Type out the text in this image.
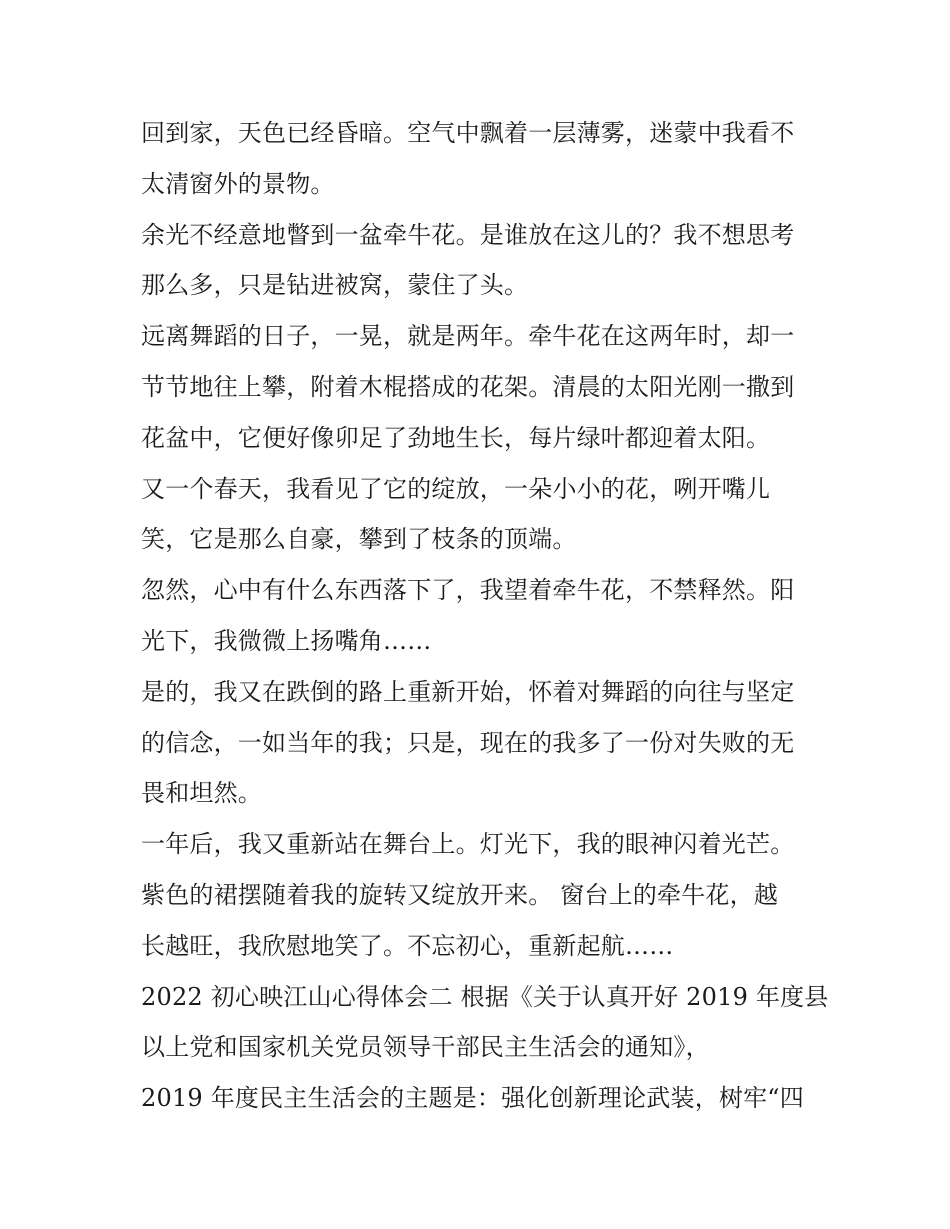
回到家，天色已经昏暗。空气中飘着一层薄雾，迷蒙中我看不
太清窗外的景物。
余光不经意地瞥到一盆牵牛花。是谁放在这儿的？我不想思考
那么多，只是钻进被窝，蒙住了头。
远离舞蹈的日子，一晃，就是两年。牵牛花在这两年时，却一
节节地往上攀，附着木棍搭成的花架。清晨的太阳光刚一撒到
花盆中，它便好像卯足了劲地生长，每片绿叶都迎着太阳。
又一个春天，我看见了它的绽放，一朵小小的花，咧开嘴儿
笑，它是那么自豪，攀到了枝条的顶端。
忽然，心中有什么东西落下了，我望着牵牛花，不禁释然。阳
光下，我微微上扬嘴角……
是的，我又在跌倒的路上重新开始，怀着对舞蹈的向往与坚定
的信念，一如当年的我；只是，现在的我多了一份对失败的无
畏和坦然。
一年后，我又重新站在舞台上。灯光下，我的眼神闪着光芒。
紫色的裙摆随着我的旋转又绽放开来。 窗台上的牵牛花，越
长越旺，我欣慰地笑了。不忘初心，重新起航……
2022 初心映江山心得体会二 根据《关于认真开好 2019 年度县
以上党和国家机关党员领导干部民主生活会的通知》，
2019 年度民主生活会的主题是：强化创新理论武装，树牢“四
